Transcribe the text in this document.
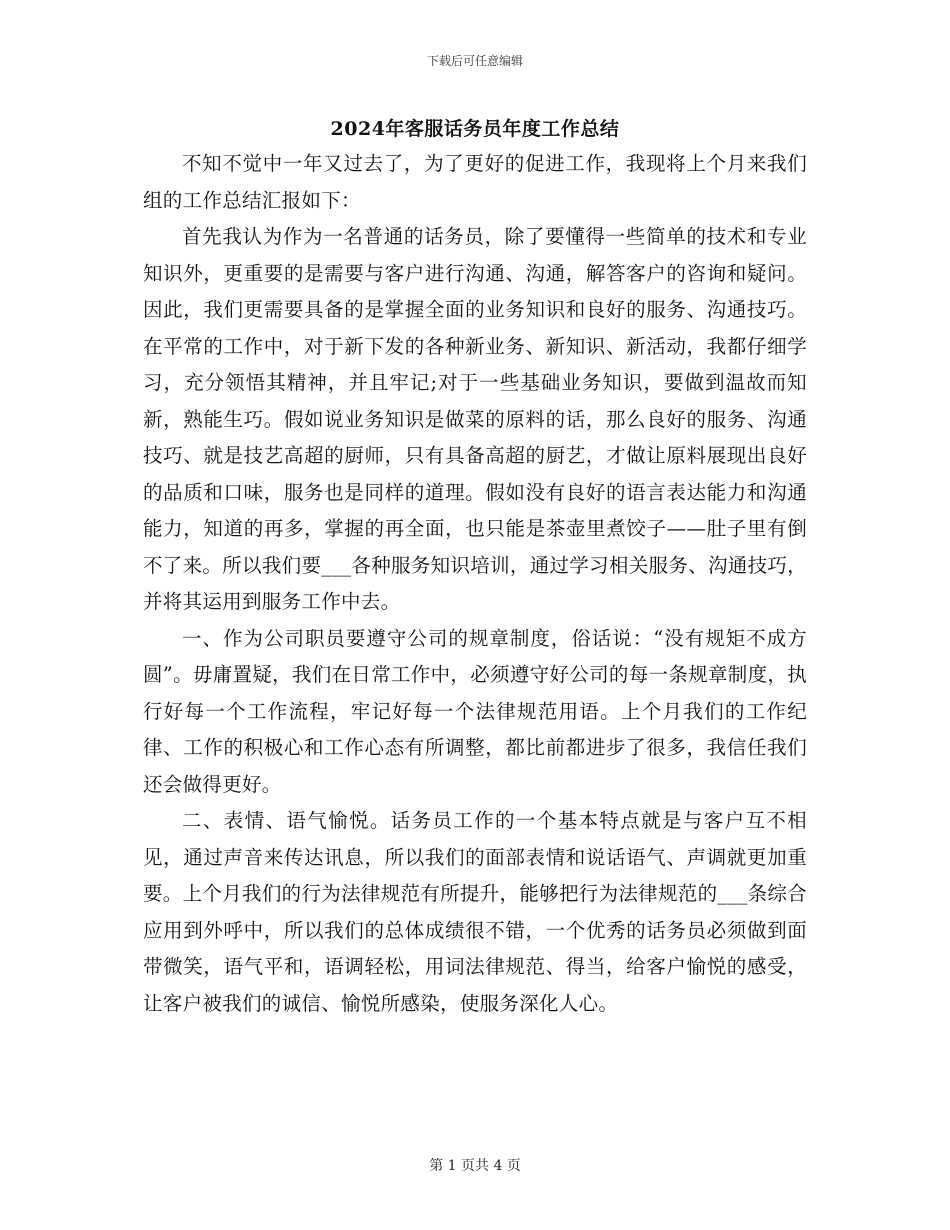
下载后可任意编辑
2024年客服话务员年度工作总结

不知不觉中一年又过去了，为了更好的促进工作，我现将上个月来我们组的工作总结汇报如下：

首先我认为作为一名普通的话务员，除了要懂得一些简单的技术和专业知识外，更重要的是需要与客户进行沟通、沟通，解答客户的咨询和疑问。因此，我们更需要具备的是掌握全面的业务知识和良好的服务、沟通技巧。在平常的工作中，对于新下发的各种新业务、新知识、新活动，我都仔细学习，充分领悟其精神，并且牢记;对于一些基础业务知识，要做到温故而知新，熟能生巧。假如说业务知识是做菜的原料的话，那么良好的服务、沟通技巧、就是技艺高超的厨师，只有具备高超的厨艺，才做让原料展现出良好的品质和口味，服务也是同样的道理。假如没有良好的语言表达能力和沟通能力，知道的再多，掌握的再全面，也只能是茶壶里煮饺子——肚子里有倒不了来。所以我们要___各种服务知识培训，通过学习相关服务、沟通技巧，并将其运用到服务工作中去。

一、作为公司职员要遵守公司的规章制度，俗话说：“没有规矩不成方圆”。毋庸置疑，我们在日常工作中，必须遵守好公司的每一条规章制度，执行好每一个工作流程，牢记好每一个法律规范用语。上个月我们的工作纪律、工作的积极心和工作心态有所调整，都比前都进步了很多，我信任我们还会做得更好。

二、表情、语气愉悦。话务员工作的一个基本特点就是与客户互不相见，通过声音来传达讯息，所以我们的面部表情和说话语气、声调就更加重要。上个月我们的行为法律规范有所提升，能够把行为法律规范的___条综合应用到外呼中，所以我们的总体成绩很不错，一个优秀的话务员必须做到面带微笑，语气平和，语调轻松，用词法律规范、得当，给客户愉悦的感受，让客户被我们的诚信、愉悦所感染，使服务深化人心。

第 1 页共 4 页
